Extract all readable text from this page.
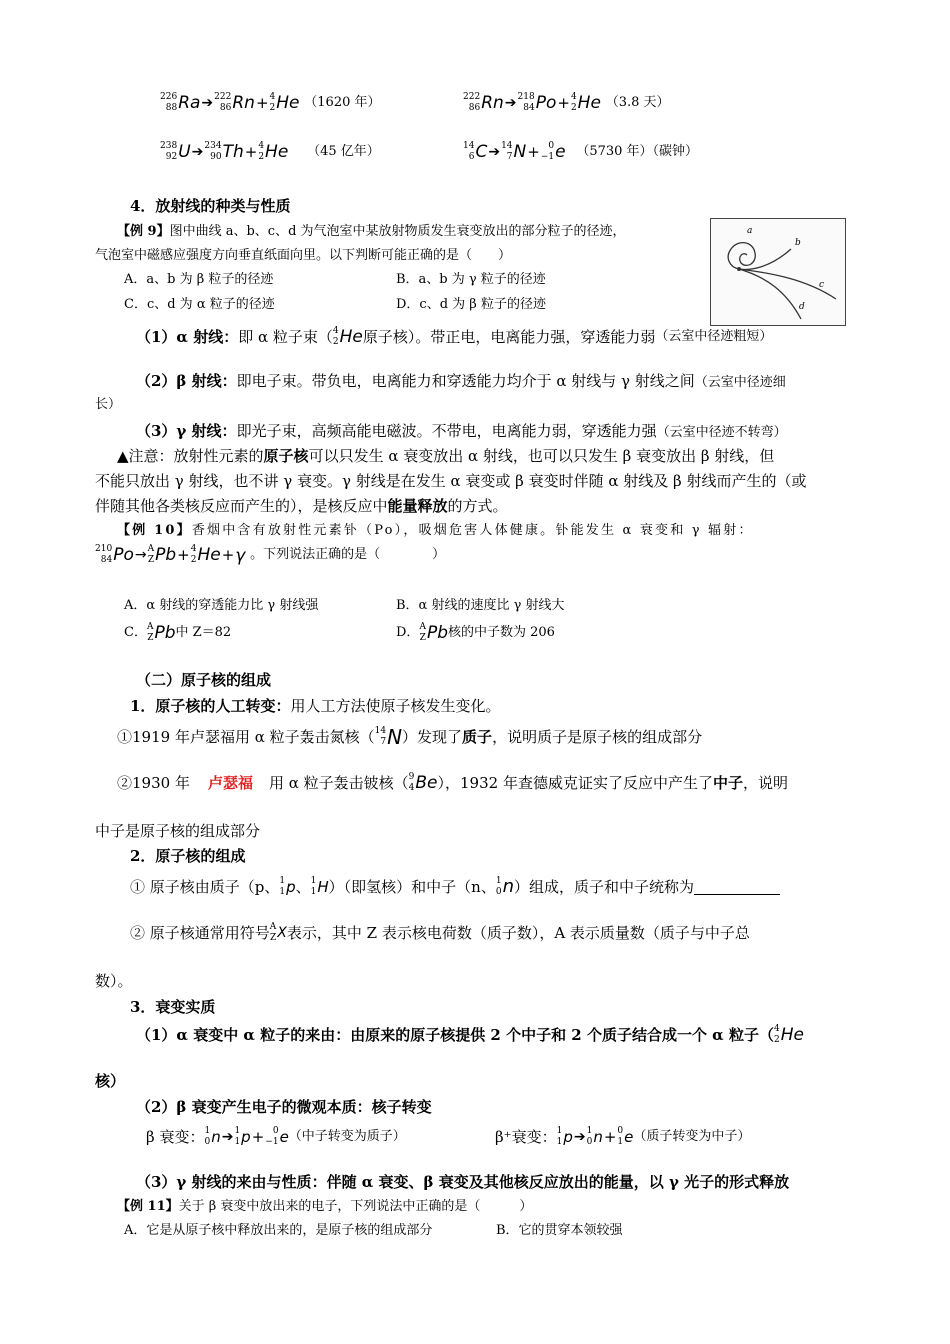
226
88 Ra➔ 222
86 Rn+ 4
2 He （1620 年）	222
86 Rn➔ 218
84 Po+ 4
2 He （3.8 天）
238
92 U➔ 234
90 Th+ 4
2 He （45 亿年）	14
6 C➔ 14
7 N+ 0
−1 e （5730 年）（碳钟）
4．放射线的种类与性质
【例 9】图中曲线 a、b、c、d 为气泡室中某放射物质发生衰变放出的部分粒子的径迹，
气泡室中磁感应强度方向垂直纸面向里。以下判断可能正确的是（　　）
A．a、b 为 β 粒子的径迹	B．a、b 为 γ 粒子的径迹
C．c、d 为 α 粒子的径迹	D．c、d 为 β 粒子的径迹
a
b
c
d
（1）α 射线：即 α 粒子束（ 4
2 He原子核）。带正电，电离能力强，穿透能力弱（云室中径迹粗短）
（2）β 射线：即电子束。带负电，电离能力和穿透能力均介于 α 射线与 γ 射线之间（云室中径迹细
长）
（3）γ 射线：即光子束，高频高能电磁波。不带电，电离能力弱，穿透能力强（云室中径迹不转弯）
▲注意：放射性元素的原子核可以只发生 α 衰变放出 α 射线，也可以只发生 β 衰变放出 β 射线，但
不能只放出 γ 射线，也不讲 γ 衰变。γ 射线是在发生 α 衰变或 β 衰变时伴随 α 射线及 β 射线而产生的（或
伴随其他各类核反应而产生的），是核反应中能量释放的方式。
【例 10】香烟中含有放射性元素钋（Po），吸烟危害人体健康。钋能发生 α 衰变和 γ 辐射：
210
84 Po→ A
Z Pb+ 4
2 He+γ 。下列说法正确的是（　　　　）
A．α 射线的穿透能力比 γ 射线强	B．α 射线的速度比 γ 射线大
C． A
Z Pb中 Z＝82	D． A
Z Pb核的中子数为 206
（二）原子核的组成
1．原子核的人工转变：用人工方法使原子核发生变化。
①1919 年卢瑟福用 α 粒子轰击氮核（ 14
7 N）发现了质子，说明质子是原子核的组成部分
②1930 年 卢瑟福 用 α 粒子轰击铍核（ 9
4 Be），1932 年查德威克证实了反应中产生了中子，说明
中子是原子核的组成部分
2．原子核的组成
① 原子核由质子（p、 1
1 p、 1
1 H）（即氢核）和中子（n、 1
0 n）组成，质子和中子统称为
② 原子核通常用符号 A
Z X表示，其中 Z 表示核电荷数（质子数），A 表示质量数（质子与中子总
数）。
3．衰变实质
（1）α 衰变中 α 粒子的来由：由原来的原子核提供 2 个中子和 2 个质子结合成一个 α 粒子（ 4
2 He
核）
（2）β 衰变产生电子的微观本质：核子转变
β 衰变： 1
0 n➔ 1
1 p+ 0
−1 e（中子转变为质子）	β⁺衰变： 1
1 p➔ 1
0 n+ 0
1 e（质子转变为中子）
（3）γ 射线的来由与性质：伴随 α 衰变、β 衰变及其他核反应放出的能量，以 γ 光子的形式释放
【例 11】关于 β 衰变中放出来的电子，下列说法中正确的是（　　　）
A．它是从原子核中释放出来的，是原子核的组成部分	B．它的贯穿本领较强
